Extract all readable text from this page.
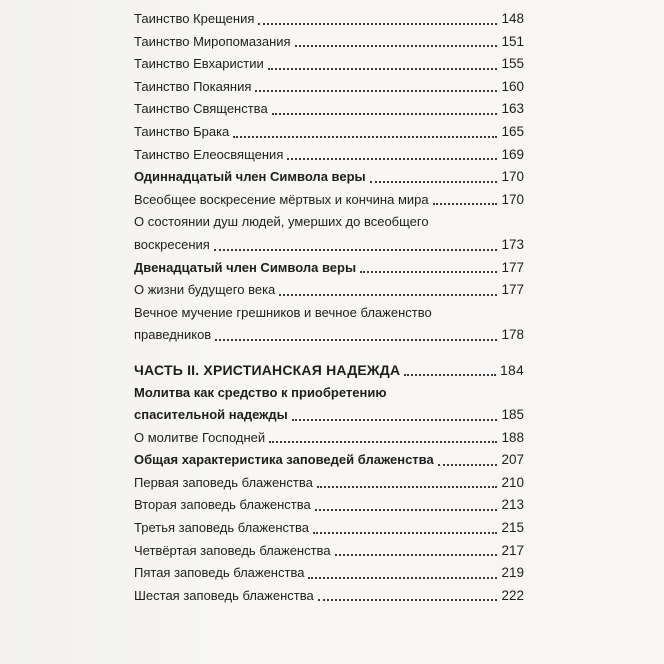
Таинство Крещения	148
Таинство Миропомазания	151
Таинство Евхаристии	155
Таинство Покаяния	160
Таинство Священства	163
Таинство Брака	165
Таинство Елеосвящения	169
Одиннадцатый член Символа веры	170
Всеобщее воскресение мёртвых и кончина мира	170
О состоянии душ людей, умерших до всеобщего
воскресения	173
Двенадцатый член Символа веры	177
О жизни будущего века	177
Вечное мучение грешников и вечное блаженство
праведников	178
ЧАСТЬ II. ХРИСТИАНСКАЯ НАДЕЖДА	184
Молитва как средство к приобретению
спасительной надежды	185
О молитве Господней	188
Общая характеристика заповедей блаженства	207
Первая заповедь блаженства	210
Вторая заповедь блаженства	213
Третья заповедь блаженства	215
Четвёртая заповедь блаженства	217
Пятая заповедь блаженства	219
Шестая заповедь блаженства	222
